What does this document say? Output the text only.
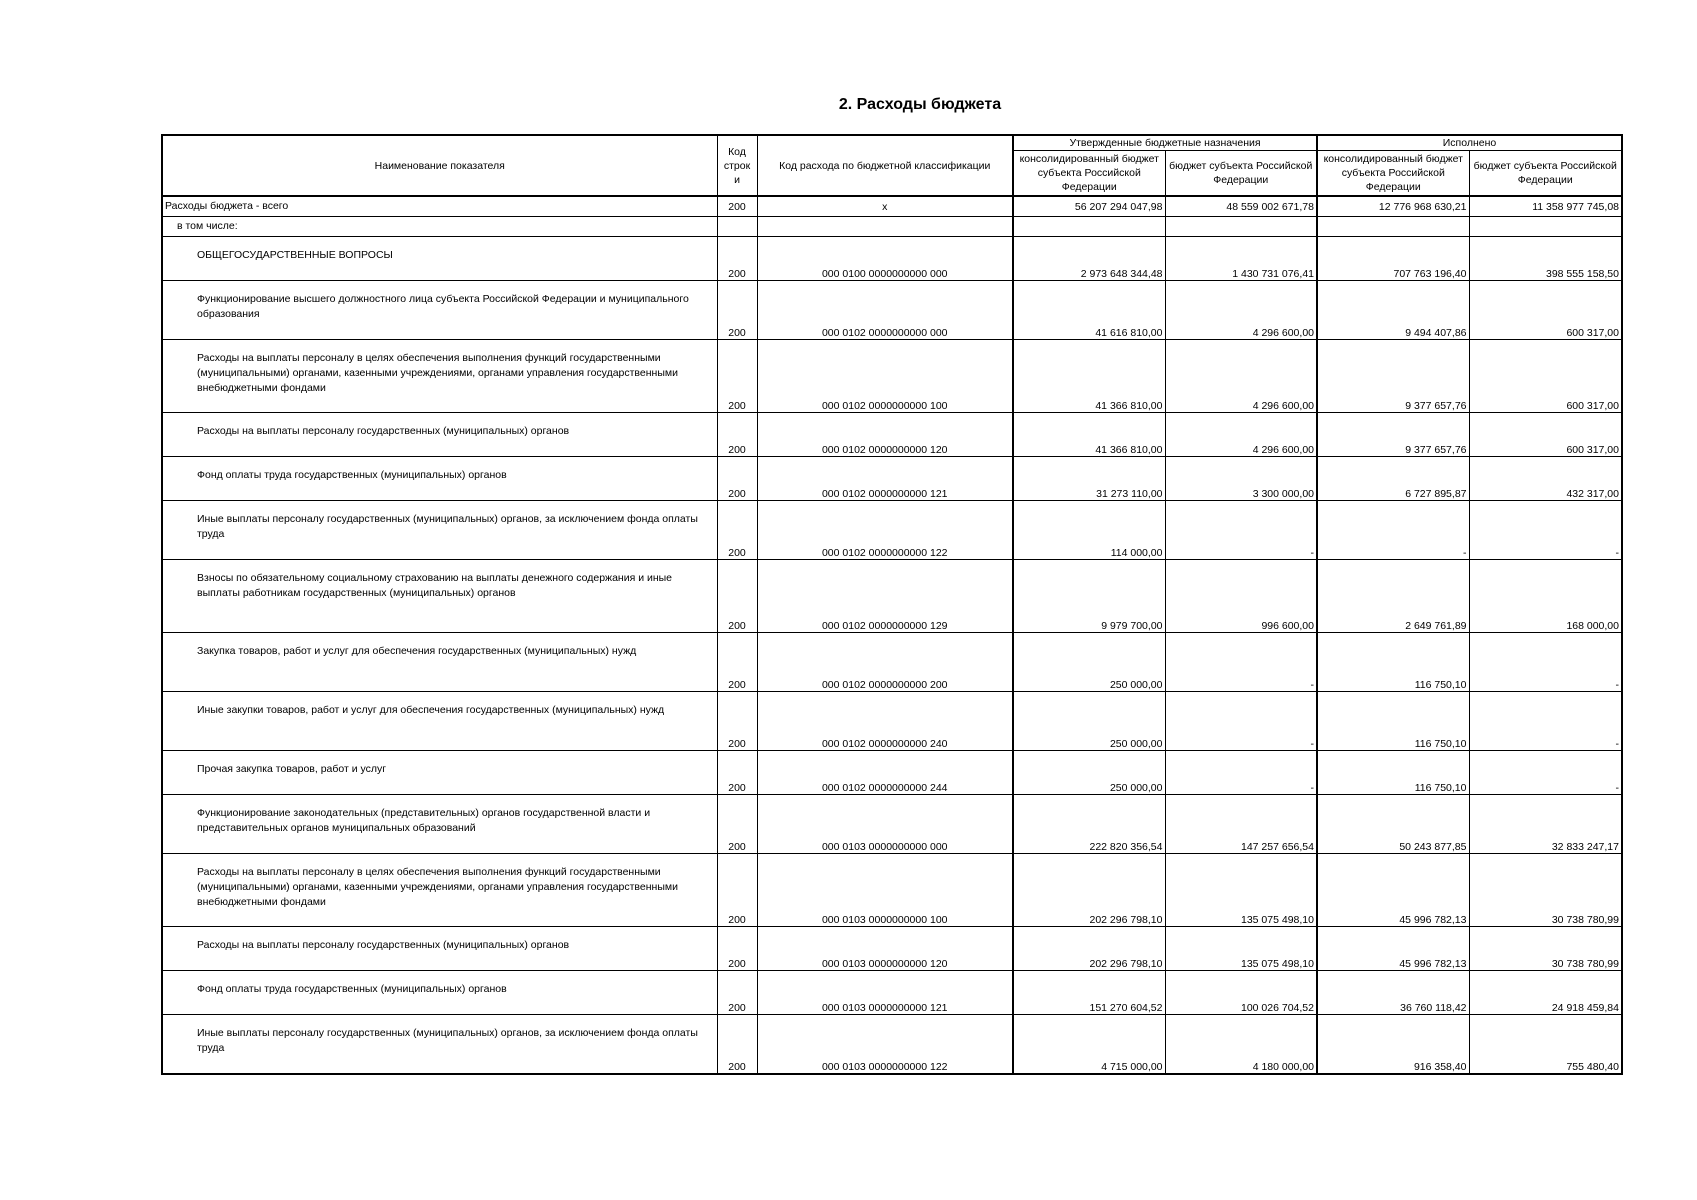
2. Расходы бюджета
Наименование показателя	Код строк и	Код расхода по бюджетной классификации	Утвержденные бюджетные назначения		Исполнено	
			консолидированный бюджет субъекта Российской Федерации	бюджет субъекта Российской Федерации	консолидированный бюджет субъекта Российской Федерации	бюджет субъекта Российской Федерации
Расходы бюджета - всего	200	x	56 207 294 047,98	48 559 002 671,78	12 776 968 630,21	11 358 977 745,08
в том числе:						

ОБЩЕГОСУДАРСТВЕННЫЕ ВОПРОСЫ	200	000 0100 0000000000 000	2 973 648 344,48	1 430 731 076,41	707 763 196,40	398 555 158,50

Функционирование высшего должностного лица субъекта Российской Федерации и муниципального образования	200	000 0102 0000000000 000	41 616 810,00	4 296 600,00	9 494 407,86	600 317,00

Расходы на выплаты персоналу в целях обеспечения выполнения функций государственными (муниципальными) органами, казенными учреждениями, органами управления государственными внебюджетными фондами	200	000 0102 0000000000 100	41 366 810,00	4 296 600,00	9 377 657,76	600 317,00

Расходы на выплаты персоналу государственных (муниципальных) органов	200	000 0102 0000000000 120	41 366 810,00	4 296 600,00	9 377 657,76	600 317,00

Фонд оплаты труда государственных (муниципальных) органов	200	000 0102 0000000000 121	31 273 110,00	3 300 000,00	6 727 895,87	432 317,00

Иные выплаты персоналу государственных (муниципальных) органов, за исключением фонда оплаты труда	200	000 0102 0000000000 122	114 000,00	-	-	-

Взносы по обязательному социальному страхованию на выплаты денежного содержания и иные выплаты работникам государственных (муниципальных) органов	200	000 0102 0000000000 129	9 979 700,00	996 600,00	2 649 761,89	168 000,00

Закупка товаров, работ и услуг для обеспечения государственных (муниципальных) нужд	200	000 0102 0000000000 200	250 000,00	-	116 750,10	-

Иные закупки товаров, работ и услуг для обеспечения государственных (муниципальных) нужд	200	000 0102 0000000000 240	250 000,00	-	116 750,10	-

Прочая закупка товаров, работ и услуг	200	000 0102 0000000000 244	250 000,00	-	116 750,10	-

Функционирование законодательных (представительных) органов государственной власти и представительных органов муниципальных образований	200	000 0103 0000000000 000	222 820 356,54	147 257 656,54	50 243 877,85	32 833 247,17

Расходы на выплаты персоналу в целях обеспечения выполнения функций государственными (муниципальными) органами, казенными учреждениями, органами управления государственными внебюджетными фондами	200	000 0103 0000000000 100	202 296 798,10	135 075 498,10	45 996 782,13	30 738 780,99

Расходы на выплаты персоналу государственных (муниципальных) органов	200	000 0103 0000000000 120	202 296 798,10	135 075 498,10	45 996 782,13	30 738 780,99

Фонд оплаты труда государственных (муниципальных) органов	200	000 0103 0000000000 121	151 270 604,52	100 026 704,52	36 760 118,42	24 918 459,84

Иные выплаты персоналу государственных (муниципальных) органов, за исключением фонда оплаты труда	200	000 0103 0000000000 122	4 715 000,00	4 180 000,00	916 358,40	755 480,40
